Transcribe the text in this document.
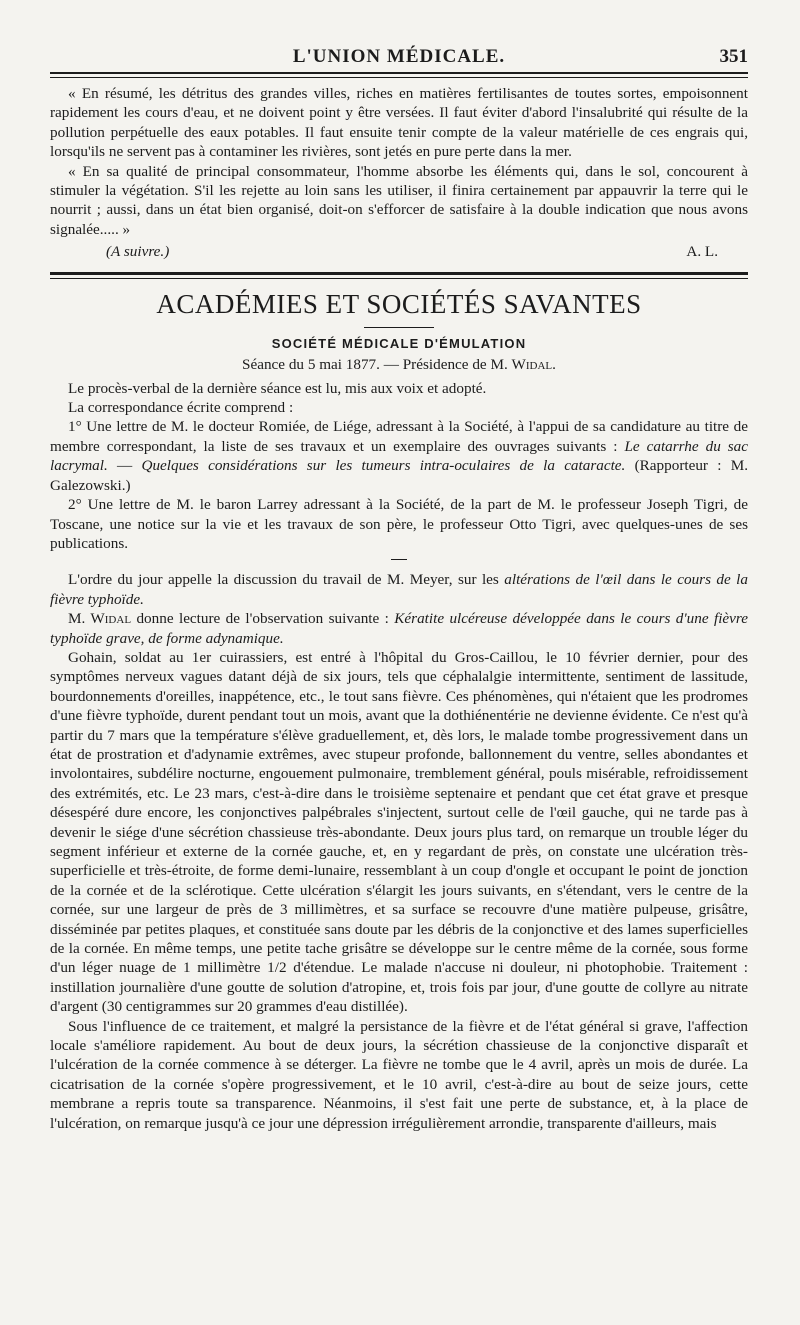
L'UNION MÉDICALE.	351

« En résumé, les détritus des grandes villes, riches en matières fertilisantes de toutes sortes, empoisonnent rapidement les cours d'eau, et ne doivent point y être versées. Il faut éviter d'abord l'insalubrité qui résulte de la pollution perpétuelle des eaux potables. Il faut ensuite tenir compte de la valeur matérielle de ces engrais qui, lorsqu'ils ne servent pas à contaminer les rivières, sont jetés en pure perte dans la mer.

« En sa qualité de principal consommateur, l'homme absorbe les éléments qui, dans le sol, concourent à stimuler la végétation. S'il les rejette au loin sans les utiliser, il finira certainement par appauvrir la terre qui le nourrit ; aussi, dans un état bien organisé, doit-on s'efforcer de satisfaire à la double indication que nous avons signalée..... »

(A suivre.)	A. L.
ACADÉMIES ET SOCIÉTÉS SAVANTES
SOCIÉTÉ MÉDICALE D'ÉMULATION
Séance du 5 mai 1877. — Présidence de M. Widal.

Le procès-verbal de la dernière séance est lu, mis aux voix et adopté.

La correspondance écrite comprend :

1° Une lettre de M. le docteur Romiée, de Liége, adressant à la Société, à l'appui de sa candidature au titre de membre correspondant, la liste de ses travaux et un exemplaire des ouvrages suivants : Le catarrhe du sac lacrymal. — Quelques considérations sur les tumeurs intra-oculaires de la cataracte. (Rapporteur : M. Galezowski.)

2° Une lettre de M. le baron Larrey adressant à la Société, de la part de M. le professeur Joseph Tigri, de Toscane, une notice sur la vie et les travaux de son père, le professeur Otto Tigri, avec quelques-unes de ses publications.

L'ordre du jour appelle la discussion du travail de M. Meyer, sur les altérations de l'œil dans le cours de la fièvre typhoïde.

M. Widal donne lecture de l'observation suivante : Kératite ulcéreuse développée dans le cours d'une fièvre typhoïde grave, de forme adynamique.

Gohain, soldat au 1er cuirassiers, est entré à l'hôpital du Gros-Caillou, le 10 février dernier, pour des symptômes nerveux vagues datant déjà de six jours, tels que céphalalgie intermittente, sentiment de lassitude, bourdonnements d'oreilles, inappétence, etc., le tout sans fièvre. Ces phénomènes, qui n'étaient que les prodromes d'une fièvre typhoïde, durent pendant tout un mois, avant que la dothiénentérie ne devienne évidente. Ce n'est qu'à partir du 7 mars que la température s'élève graduellement, et, dès lors, le malade tombe progressivement dans un état de prostration et d'adynamie extrêmes, avec stupeur profonde, ballonnement du ventre, selles abondantes et involontaires, subdélire nocturne, engouement pulmonaire, tremblement général, pouls misérable, refroidissement des extrémités, etc. Le 23 mars, c'est-à-dire dans le troisième septenaire et pendant que cet état grave et presque désespéré dure encore, les conjonctives palpébrales s'injectent, surtout celle de l'œil gauche, qui ne tarde pas à devenir le siége d'une sécrétion chassieuse très-abondante. Deux jours plus tard, on remarque un trouble léger du segment inférieur et externe de la cornée gauche, et, en y regardant de près, on constate une ulcération très-superficielle et très-étroite, de forme demi-lunaire, ressemblant à un coup d'ongle et occupant le point de jonction de la cornée et de la sclérotique. Cette ulcération s'élargit les jours suivants, en s'étendant, vers le centre de la cornée, sur une largeur de près de 3 millimètres, et sa surface se recouvre d'une matière pulpeuse, grisâtre, disséminée par petites plaques, et constituée sans doute par les débris de la conjonctive et des lames superficielles de la cornée. En même temps, une petite tache grisâtre se développe sur le centre même de la cornée, sous forme d'un léger nuage de 1 millimètre 1/2 d'étendue. Le malade n'accuse ni douleur, ni photophobie. Traitement : instillation journalière d'une goutte de solution d'atropine, et, trois fois par jour, d'une goutte de collyre au nitrate d'argent (30 centigrammes sur 20 grammes d'eau distillée).

Sous l'influence de ce traitement, et malgré la persistance de la fièvre et de l'état général si grave, l'affection locale s'améliore rapidement. Au bout de deux jours, la sécrétion chassieuse de la conjonctive disparaît et l'ulcération de la cornée commence à se déterger. La fièvre ne tombe que le 4 avril, après un mois de durée. La cicatrisation de la cornée s'opère progressivement, et le 10 avril, c'est-à-dire au bout de seize jours, cette membrane a repris toute sa transparence. Néanmoins, il s'est fait une perte de substance, et, à la place de l'ulcération, on remarque jusqu'à ce jour une dépression irrégulièrement arrondie, transparente d'ailleurs, mais
